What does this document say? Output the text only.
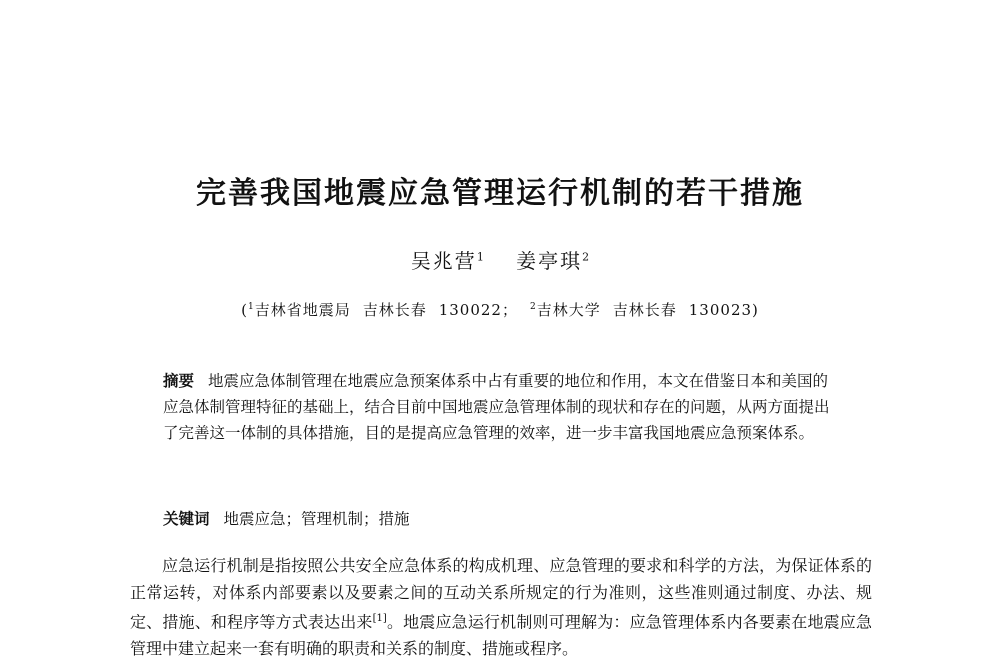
完善我国地震应急管理运行机制的若干措施
吴兆营$^1$ 姜亭琪$^2$
($^1$吉林省地震局 吉林长春 130022； $^2$吉林大学 吉林长春 130023)
摘要 地震应急体制管理在地震应急预案体系中占有重要的地位和作用，本文在借鉴日本和美国的应急体制管理特征的基础上，结合目前中国地震应急管理体制的现状和存在的问题，从两方面提出了完善这一体制的具体措施，目的是提高应急管理的效率，进一步丰富我国地震应急预案体系。
关键词 地震应急；管理机制；措施

应急运行机制是指按照公共安全应急体系的构成机理、应急管理的要求和科学的方法，为保证体系的正常运转，对体系内部要素以及要素之间的互动关系所规定的行为准则，这些准则通过制度、办法、规定、措施、和程序等方式表达出来[1]。地震应急运行机制则可理解为：应急管理体系内各要素在地震应急管理中建立起来一套有明确的职责和关系的制度、措施或程序。
